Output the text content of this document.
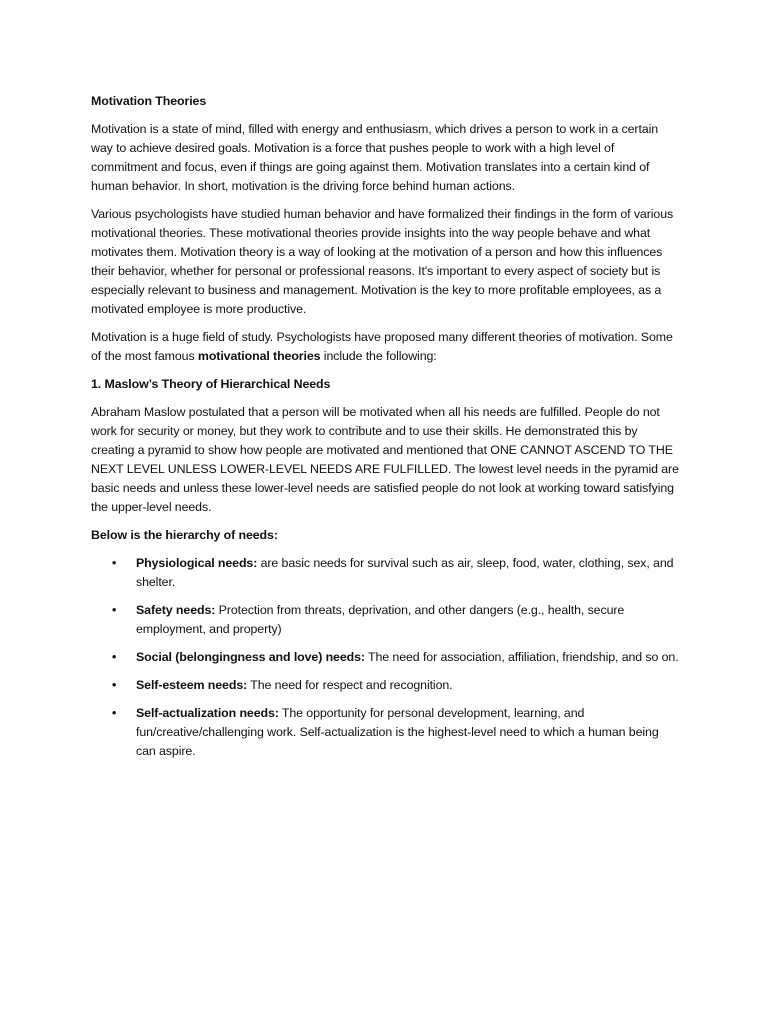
Motivation Theories

Motivation is a state of mind, filled with energy and enthusiasm, which drives a person to work in a certain way to achieve desired goals. Motivation is a force that pushes people to work with a high level of commitment and focus, even if things are going against them. Motivation translates into a certain kind of human behavior. In short, motivation is the driving force behind human actions.

Various psychologists have studied human behavior and have formalized their findings in the form of various motivational theories. These motivational theories provide insights into the way people behave and what motivates them. Motivation theory is a way of looking at the motivation of a person and how this influences their behavior, whether for personal or professional reasons. It's important to every aspect of society but is especially relevant to business and management. Motivation is the key to more profitable employees, as a motivated employee is more productive.

Motivation is a huge field of study. Psychologists have proposed many different theories of motivation. Some of the most famous motivational theories include the following:

1. Maslow’s Theory of Hierarchical Needs

Abraham Maslow postulated that a person will be motivated when all his needs are fulfilled. People do not work for security or money, but they work to contribute and to use their skills. He demonstrated this by creating a pyramid to show how people are motivated and mentioned that ONE CANNOT ASCEND TO THE NEXT LEVEL UNLESS LOWER-LEVEL NEEDS ARE FULFILLED. The lowest level needs in the pyramid are basic needs and unless these lower-level needs are satisfied people do not look at working toward satisfying the upper-level needs.

Below is the hierarchy of needs:
• Physiological needs: are basic needs for survival such as air, sleep, food, water, clothing, sex, and shelter.
• Safety needs: Protection from threats, deprivation, and other dangers (e.g., health, secure employment, and property)
• Social (belongingness and love) needs: The need for association, affiliation, friendship, and so on.
• Self-esteem needs: The need for respect and recognition.
• Self-actualization needs: The opportunity for personal development, learning, and fun/creative/challenging work. Self-actualization is the highest-level need to which a human being can aspire.
